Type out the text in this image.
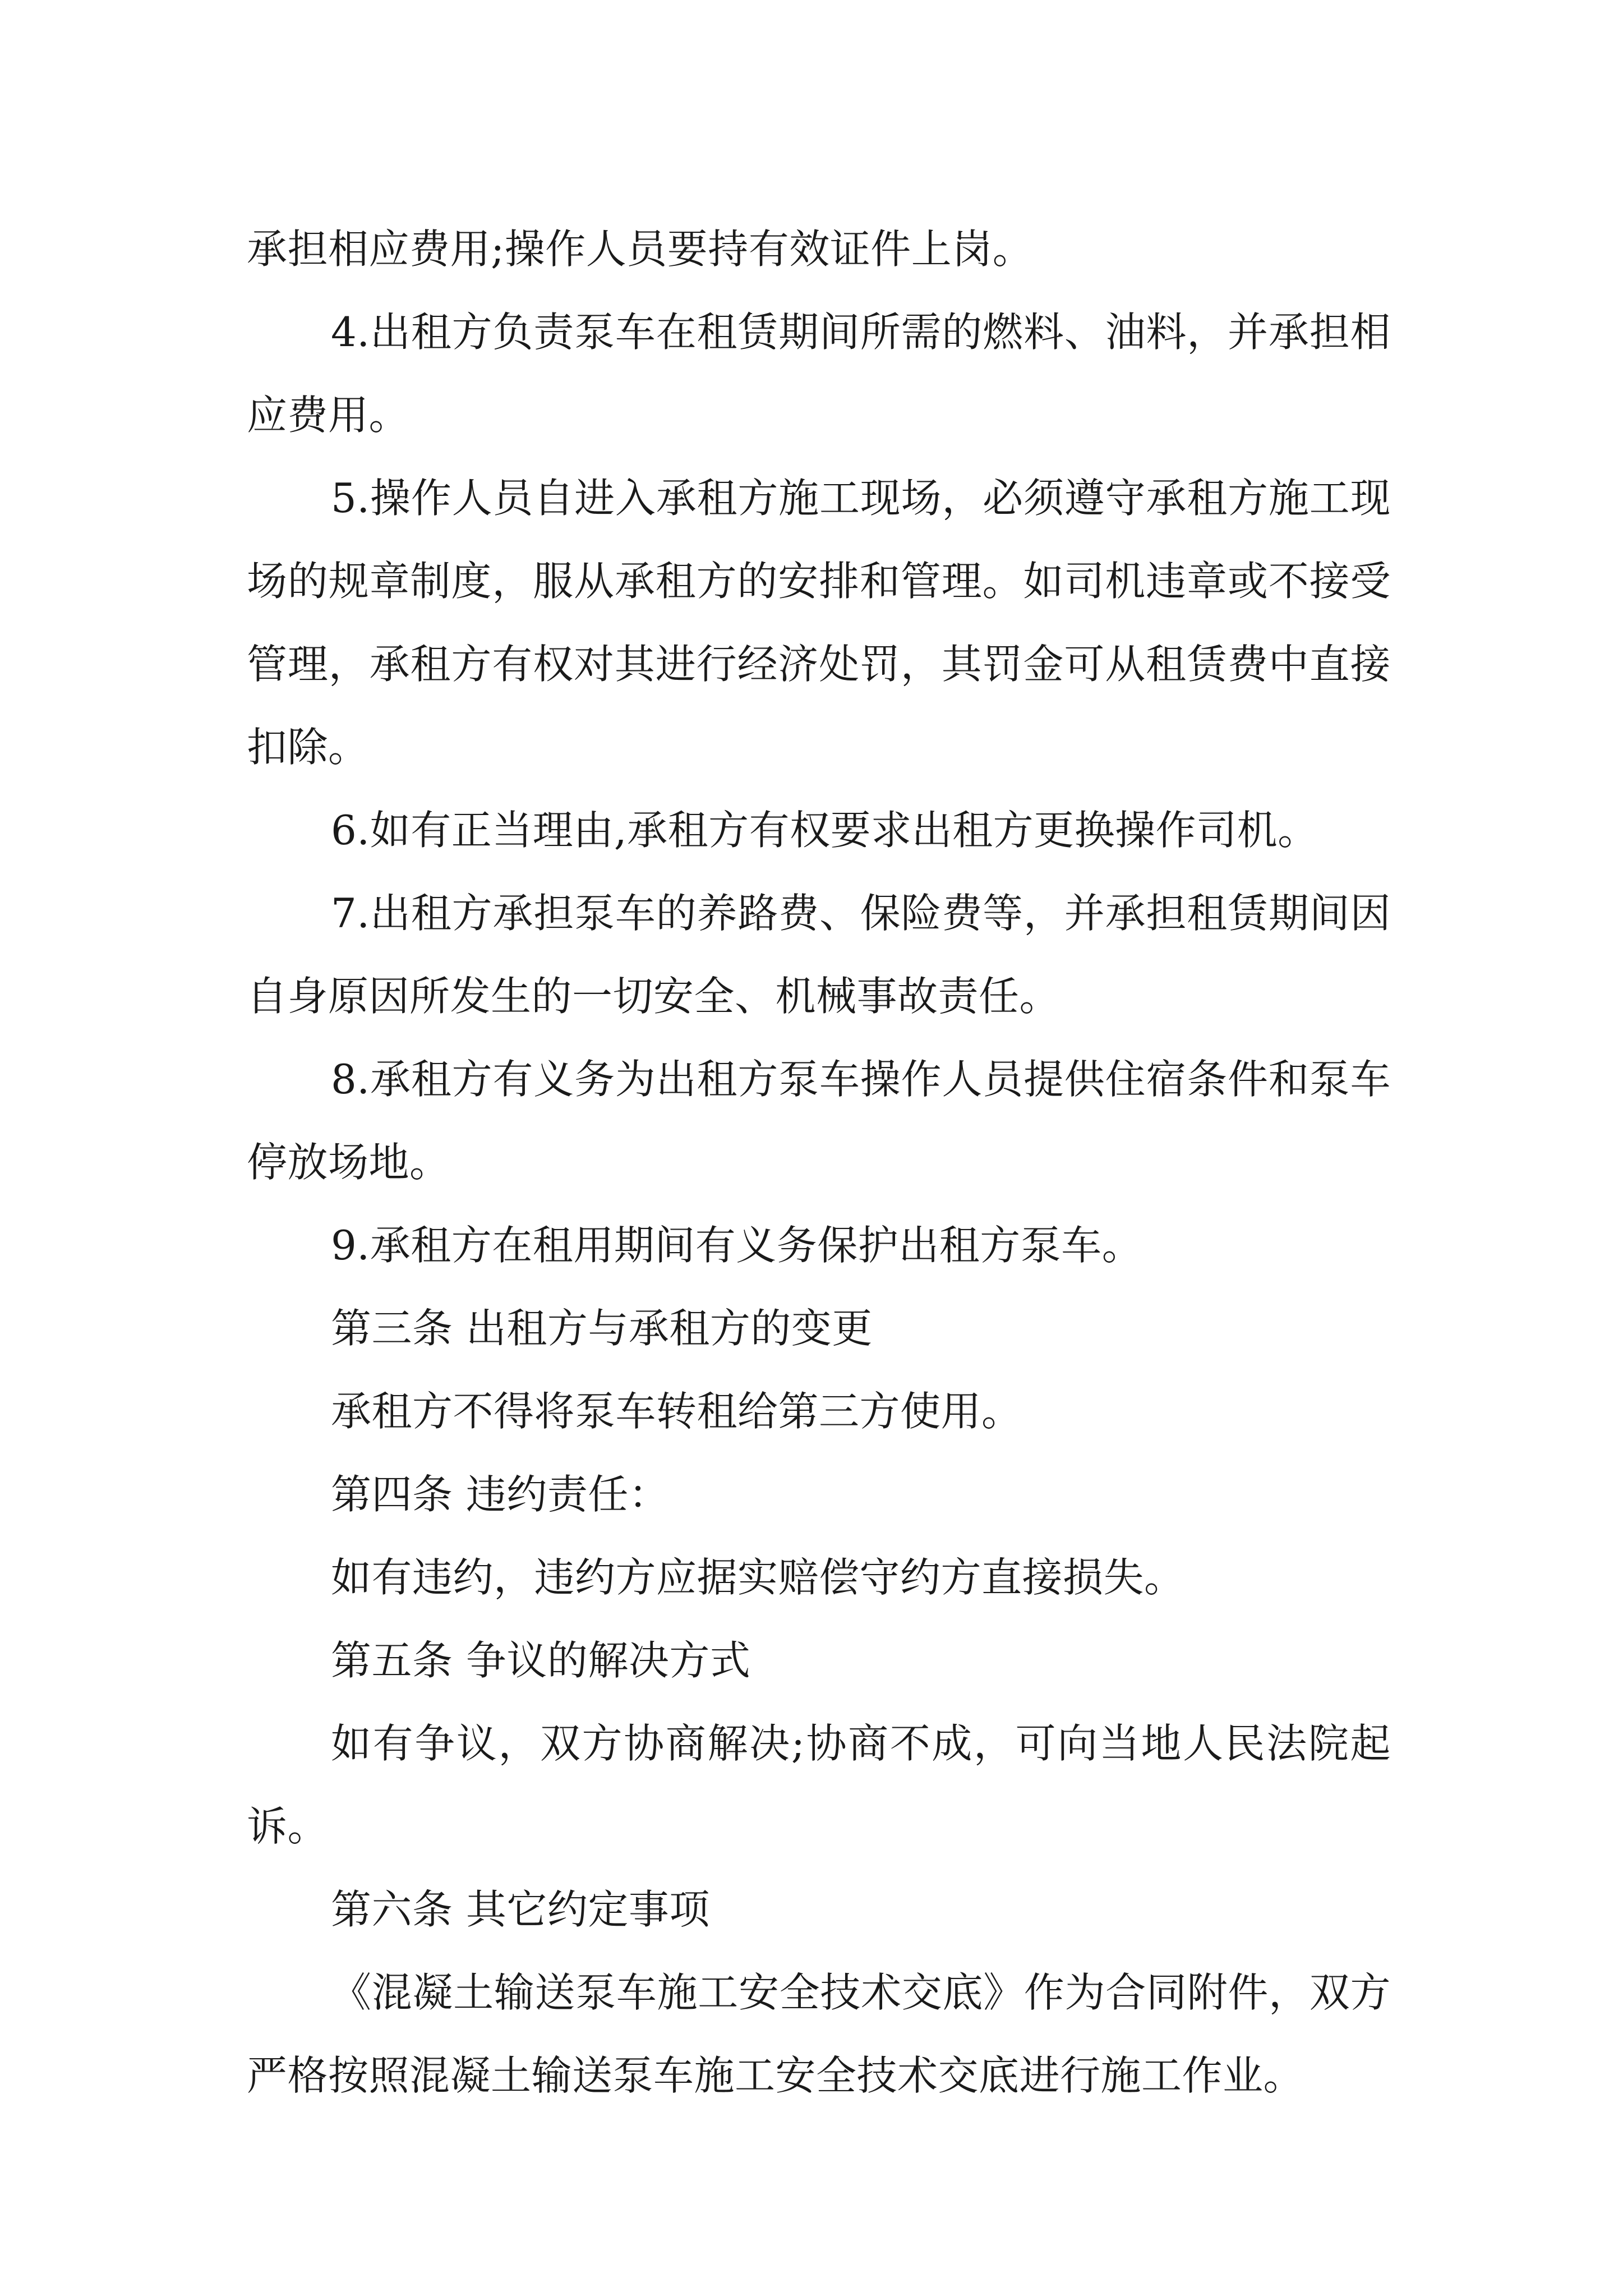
承担相应费用;操作人员要持有效证件上岗。

4.出租方负责泵车在租赁期间所需的燃料、油料，并承担相应费用。

5.操作人员自进入承租方施工现场，必须遵守承租方施工现场的规章制度，服从承租方的安排和管理。如司机违章或不接受管理，承租方有权对其进行经济处罚，其罚金可从租赁费中直接扣除。

6.如有正当理由,承租方有权要求出租方更换操作司机。

7.出租方承担泵车的养路费、保险费等，并承担租赁期间因自身原因所发生的一切安全、机械事故责任。

8.承租方有义务为出租方泵车操作人员提供住宿条件和泵车停放场地。

9.承租方在租用期间有义务保护出租方泵车。

第三条 出租方与承租方的变更

承租方不得将泵车转租给第三方使用。

第四条 违约责任：

如有违约，违约方应据实赔偿守约方直接损失。

第五条 争议的解决方式

如有争议，双方协商解决;协商不成，可向当地人民法院起诉。

第六条 其它约定事项

《混凝土输送泵车施工安全技术交底》作为合同附件，双方严格按照混凝土输送泵车施工安全技术交底进行施工作业。
